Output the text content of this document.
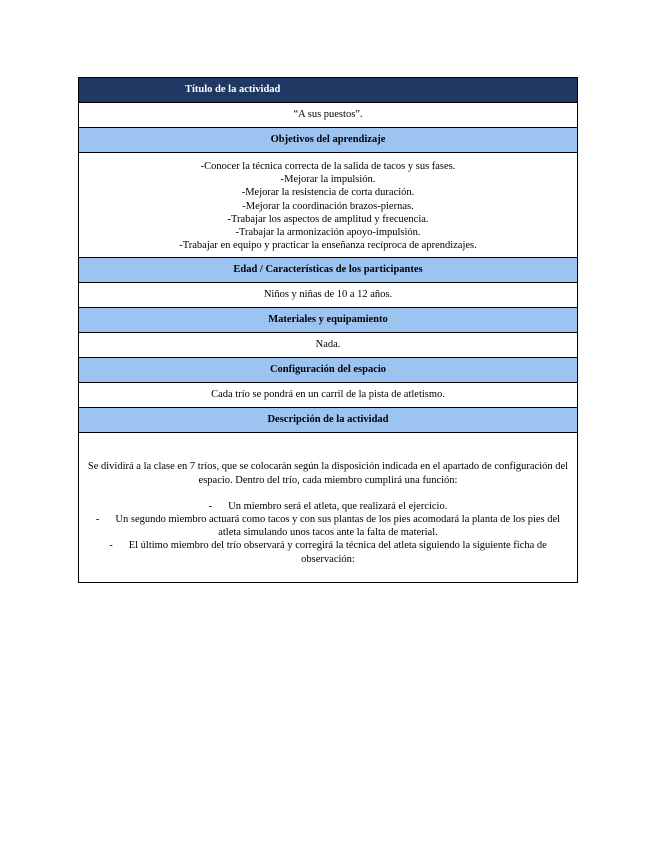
Título de la actividad
“A sus puestos”.
Objetivos del aprendizaje
-Conocer la técnica correcta de la salida de tacos y sus fases.
-Mejorar la impulsión.
-Mejorar la resistencia de corta duración.
-Mejorar la coordinación brazos-piernas.
-Trabajar los aspectos de amplitud y frecuencia.
-Trabajar la armonización apoyo-impulsión.
-Trabajar en equipo y practicar la enseñanza recíproca de aprendizajes.
Edad / Características de los participantes
Niños y niñas de 10 a 12 años.
Materiales y equipamiento
Nada.
Configuración del espacio
Cada trío se pondrá en un carril de la pista de atletismo.
Descripción de la actividad

Se dividirá a la clase en 7 tríos, que se colocarán según la disposición indicada en el apartado de configuración del espacio. Dentro del trío, cada miembro cumplirá una función:

- Un miembro será el atleta, que realizará el ejercicio.
- Un segundo miembro actuará como tacos y con sus plantas de los pies acomodará la planta de los pies del atleta simulando unos tacos ante la falta de material.
- El último miembro del trío observará y corregirá la técnica del atleta siguiendo la siguiente ficha de observación:
